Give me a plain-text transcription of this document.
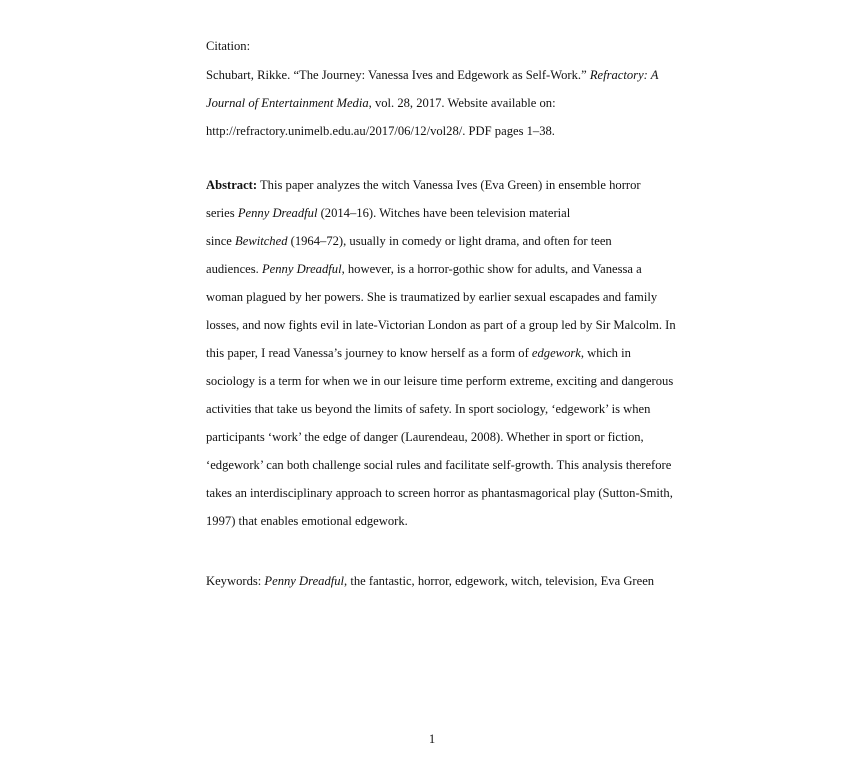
Citation:
Schubart, Rikke. “The Journey: Vanessa Ives and Edgework as Self-Work.” Refractory: A
Journal of Entertainment Media, vol. 28, 2017. Website available on:
http://refractory.unimelb.edu.au/2017/06/12/vol28/. PDF pages 1–38.
Abstract: This paper analyzes the witch Vanessa Ives (Eva Green) in ensemble horror
series Penny Dreadful (2014–16). Witches have been television material
since Bewitched (1964–72), usually in comedy or light drama, and often for teen
audiences. Penny Dreadful, however, is a horror-gothic show for adults, and Vanessa a
woman plagued by her powers. She is traumatized by earlier sexual escapades and family
losses, and now fights evil in late-Victorian London as part of a group led by Sir Malcolm. In
this paper, I read Vanessa’s journey to know herself as a form of edgework, which in
sociology is a term for when we in our leisure time perform extreme, exciting and dangerous
activities that take us beyond the limits of safety. In sport sociology, ‘edgework’ is when
participants ‘work’ the edge of danger (Laurendeau, 2008). Whether in sport or fiction,
‘edgework’ can both challenge social rules and facilitate self-growth. This analysis therefore
takes an interdisciplinary approach to screen horror as phantasmagorical play (Sutton-Smith,
1997) that enables emotional edgework.
Keywords: Penny Dreadful, the fantastic, horror, edgework, witch, television, Eva Green
1
